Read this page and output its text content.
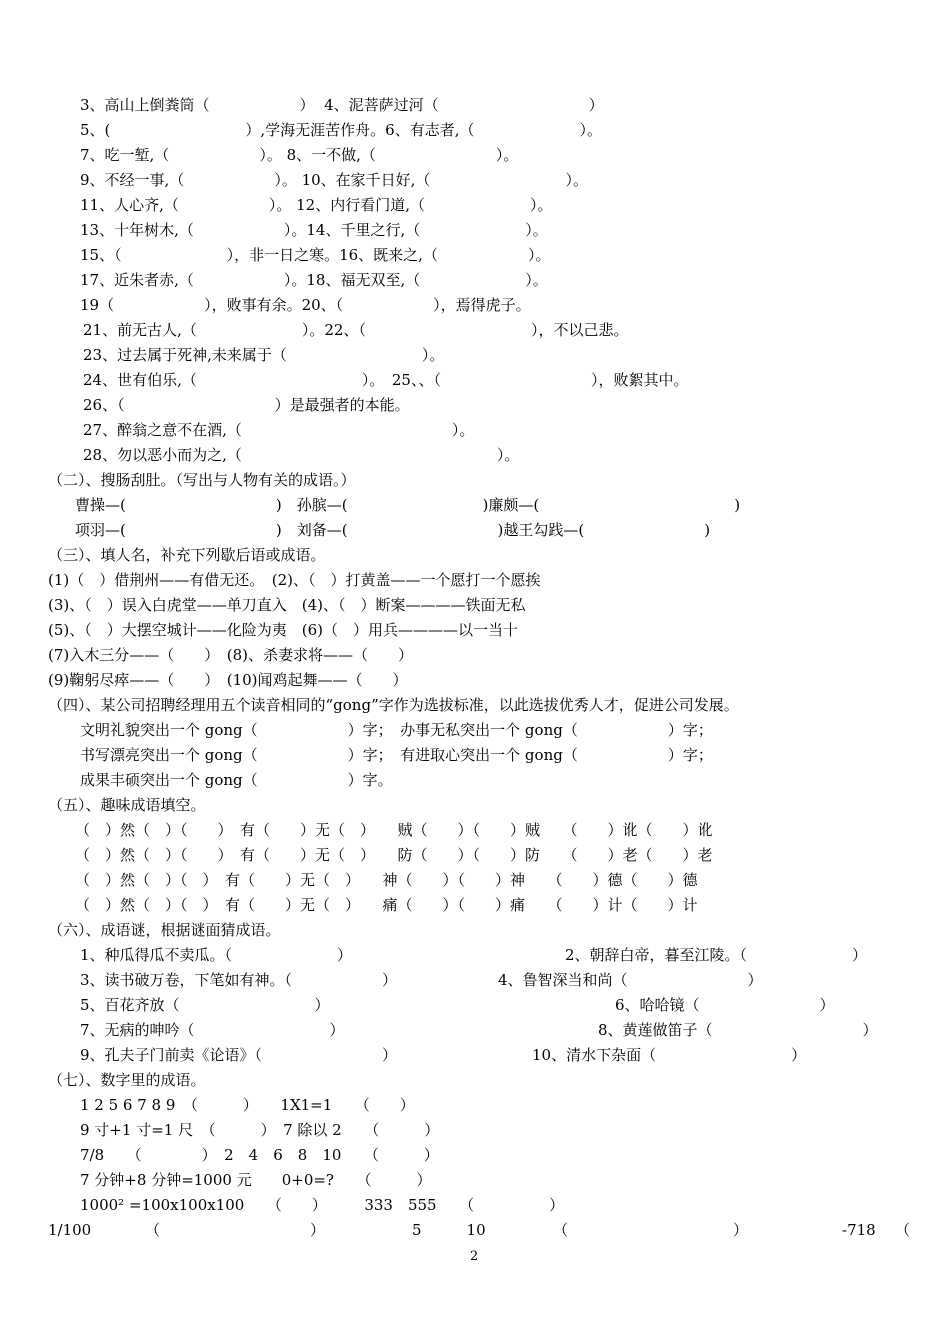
3、高山上倒粪筒（　　　　　　）  4、泥菩萨过河（　　　　　　　　　　）
5、(　　　　　　　　　）,学海无涯苦作舟。6、有志者,（　　　　　　　）。
7、吃一堑,（　　　　　　）。 8、一不做,（　　　　　　　　）。
9、不经一事,（　　　　　　）。 10、在家千日好,（　　　　　　　　　）。
11、人心齐,（　　　　　　）。 12、内行看门道,（　　　　　　　）。
13、十年树木,（　　　　　　）。14、千里之行,（　　　　　　　）。
15、（　　　　　　　），非一日之寒。16、既来之,（　　　　　　）。
17、近朱者赤,（　　　　　　）。18、福无双至,（　　　　　　　）。
19（　　　　　　），败事有余。20、（　　　　　　），焉得虎子。
21、前无古人,（　　　　　　　）。22、（　　　　　　　　　　　），不以己悲。
23、过去属于死神,未来属于（　　　　　　　　　）。
24、世有伯乐,（　　　　　　　　　　　）。　25、、（　　　　　　　　　　），败絮其中。
26、（　　　　　　　　　　）是最强者的本能。
27、醉翁之意不在酒,（　　　　　　　　　　　　　　）。
28、勿以恶小而为之,（　　　　　　　　　　　　　　　　　）。
（二）、搜肠刮肚。（写出与人物有关的成语。）
曹操—(　　　　　　　　　　)　孙膑—(　　　　　　　　　)廉颇—(　　　　　　　　　　　　　)
项羽—(　　　　　　　　　　)　刘备—(　　　　　　　　　　)越王勾践—(　　　　　　　　)
（三）、填人名，补充下列歇后语或成语。
(1)（　）借荆州——有借无还。　(2)、（　）打黄盖——一个愿打一个愿挨
(3)、（　）误入白虎堂——单刀直入　(4)、（　）断案————铁面无私
(5)、（　）大摆空城计——化险为夷　(6)（　）用兵————以一当十
(7)入木三分——（　　）　(8)、杀妻求将——（　　）
(9)鞠躬尽瘁——（　　）　(10)闻鸡起舞——（　　）
（四）、某公司招聘经理用五个读音相同的“gong”字作为选拔标准，以此选拔优秀人才，促进公司发展。
文明礼貌突出一个 gong（　　　　　　）字；　办事无私突出一个 gong（　　　　　　）字；
书写漂亮突出一个 gong（　　　　　　）字；　有进取心突出一个 gong（　　　　　　）字；
成果丰硕突出一个 gong（　　　　　　）字。
（五）、趣味成语填空。
（　）然（　）（　　）　有（　　）无（　）　　贼（　　）（　　）贼　　（　　）讹（　　）讹
（　）然（　）（　　）　有（　　）无（　）　　防（　　）（　　）防　　（　　）老（　　）老
（　）然（　）（　）　有（　　）无（　）　　神（　　）（　　）神　　（　　）德（　　）德
（　）然（　）（　）　有（　　）无（　）　　痛（　　）（　　）痛　　（　　）计（　　）计
（六）、成语谜，根据谜面猜成语。
1、种瓜得瓜不卖瓜。（　　　　　　　）	2、朝辞白帝，暮至江陵。（　　　　　　　）
3、读书破万卷，下笔如有神。（　　　　　　）	4、鲁智深当和尚（　　　　　　　　）
5、百花齐放（　　　　　　　　　）	6、哈哈镜（　　　　　　　　）
7、无病的呻吟（　　　　　　　　　）	8、黄莲做笛子（　　　　　　　　　　）
9、孔夫子门前卖《论语》（　　　　　　　　）	10、清水下杂面（　　　　　　　　　）
（七）、数字里的成语。
1 2 5 6 7 8 9　（　　　）　　1X1=1　　（　　）
9 寸+1 寸=1 尺　（　　　）　7 除以 2　　（　　　）
7/8　　（　　　　）　2　4　6　8　10　　（　　　）
7 分钟+8 分钟=1000 元　　0+0=?　　（　　　）
1000² =100x100x100　　（　　）　　　333　555　　（　　　　　）
1/100	（　　　　　　　　　　）	5　　　10	（　　　　　　　　　　　）	-718 （
2
